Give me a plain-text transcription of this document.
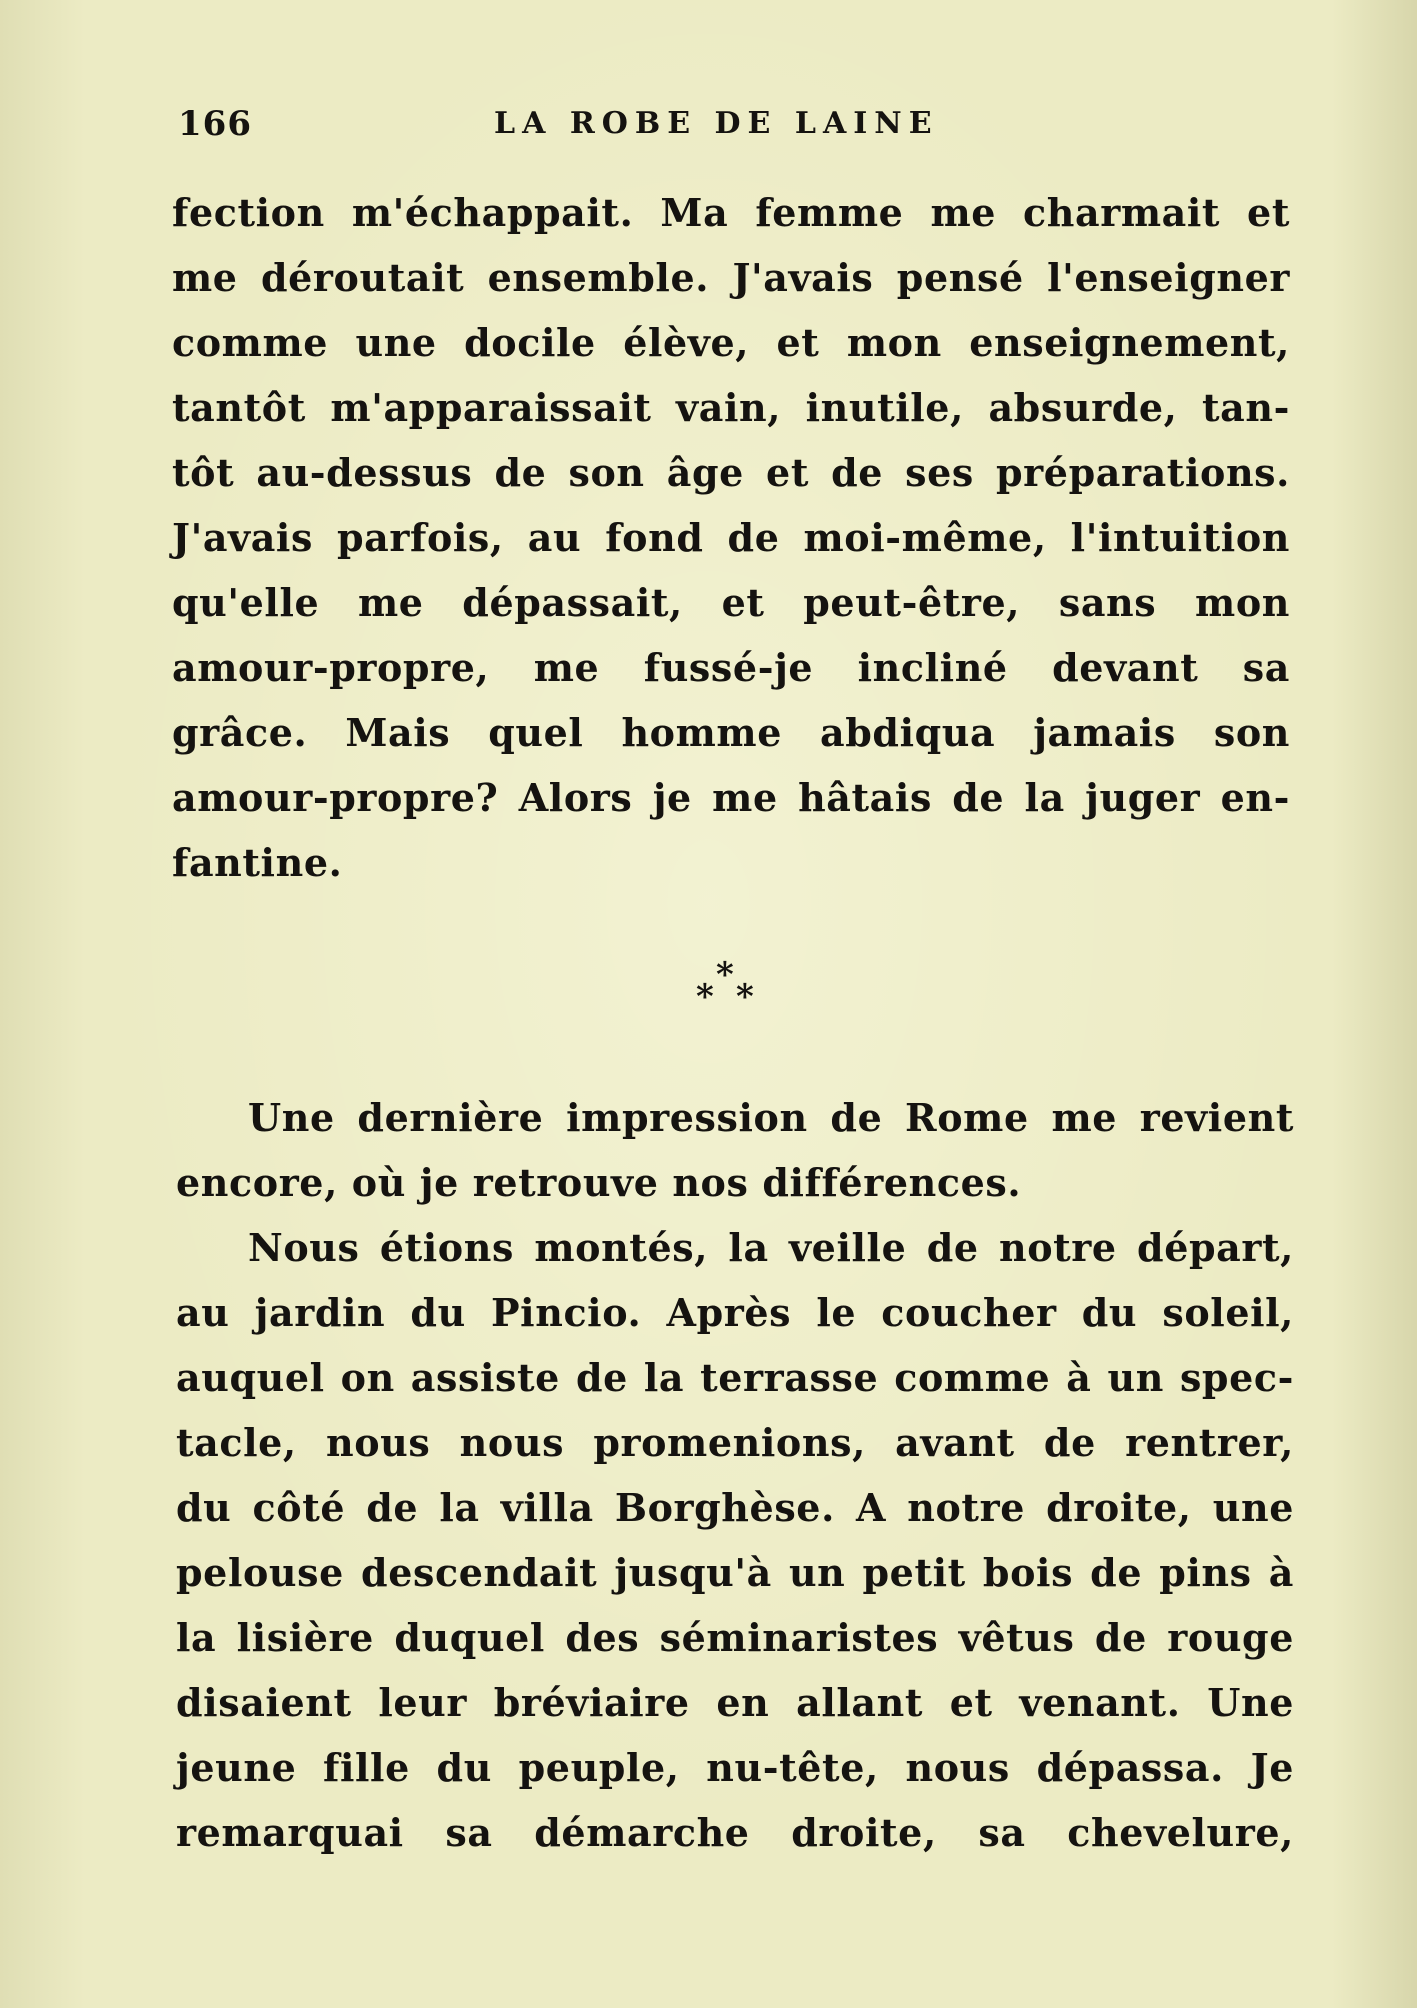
166	LA ROBE DE LAINE
fection m'échappait. Ma femme me charmait et
me déroutait ensemble. J'avais pensé l'enseigner
comme une docile élève, et mon enseignement,
tantôt m'apparaissait vain, inutile, absurde, tan-
tôt au-dessus de son âge et de ses préparations.
J'avais parfois, au fond de moi-même, l'intuition
qu'elle me dépassait, et peut-être, sans mon
amour-propre, me fussé-je incliné devant sa
grâce. Mais quel homme abdiqua jamais son
amour-propre? Alors je me hâtais de la juger en-
fantine.
*
* *
Une dernière impression de Rome me revient
encore, où je retrouve nos différences.
Nous étions montés, la veille de notre départ,
au jardin du Pincio. Après le coucher du soleil,
auquel on assiste de la terrasse comme à un spec-
tacle, nous nous promenions, avant de rentrer,
du côté de la villa Borghèse. A notre droite, une
pelouse descendait jusqu'à un petit bois de pins à
la lisière duquel des séminaristes vêtus de rouge
disaient leur bréviaire en allant et venant. Une
jeune fille du peuple, nu-tête, nous dépassa. Je
remarquai sa démarche droite, sa chevelure,
